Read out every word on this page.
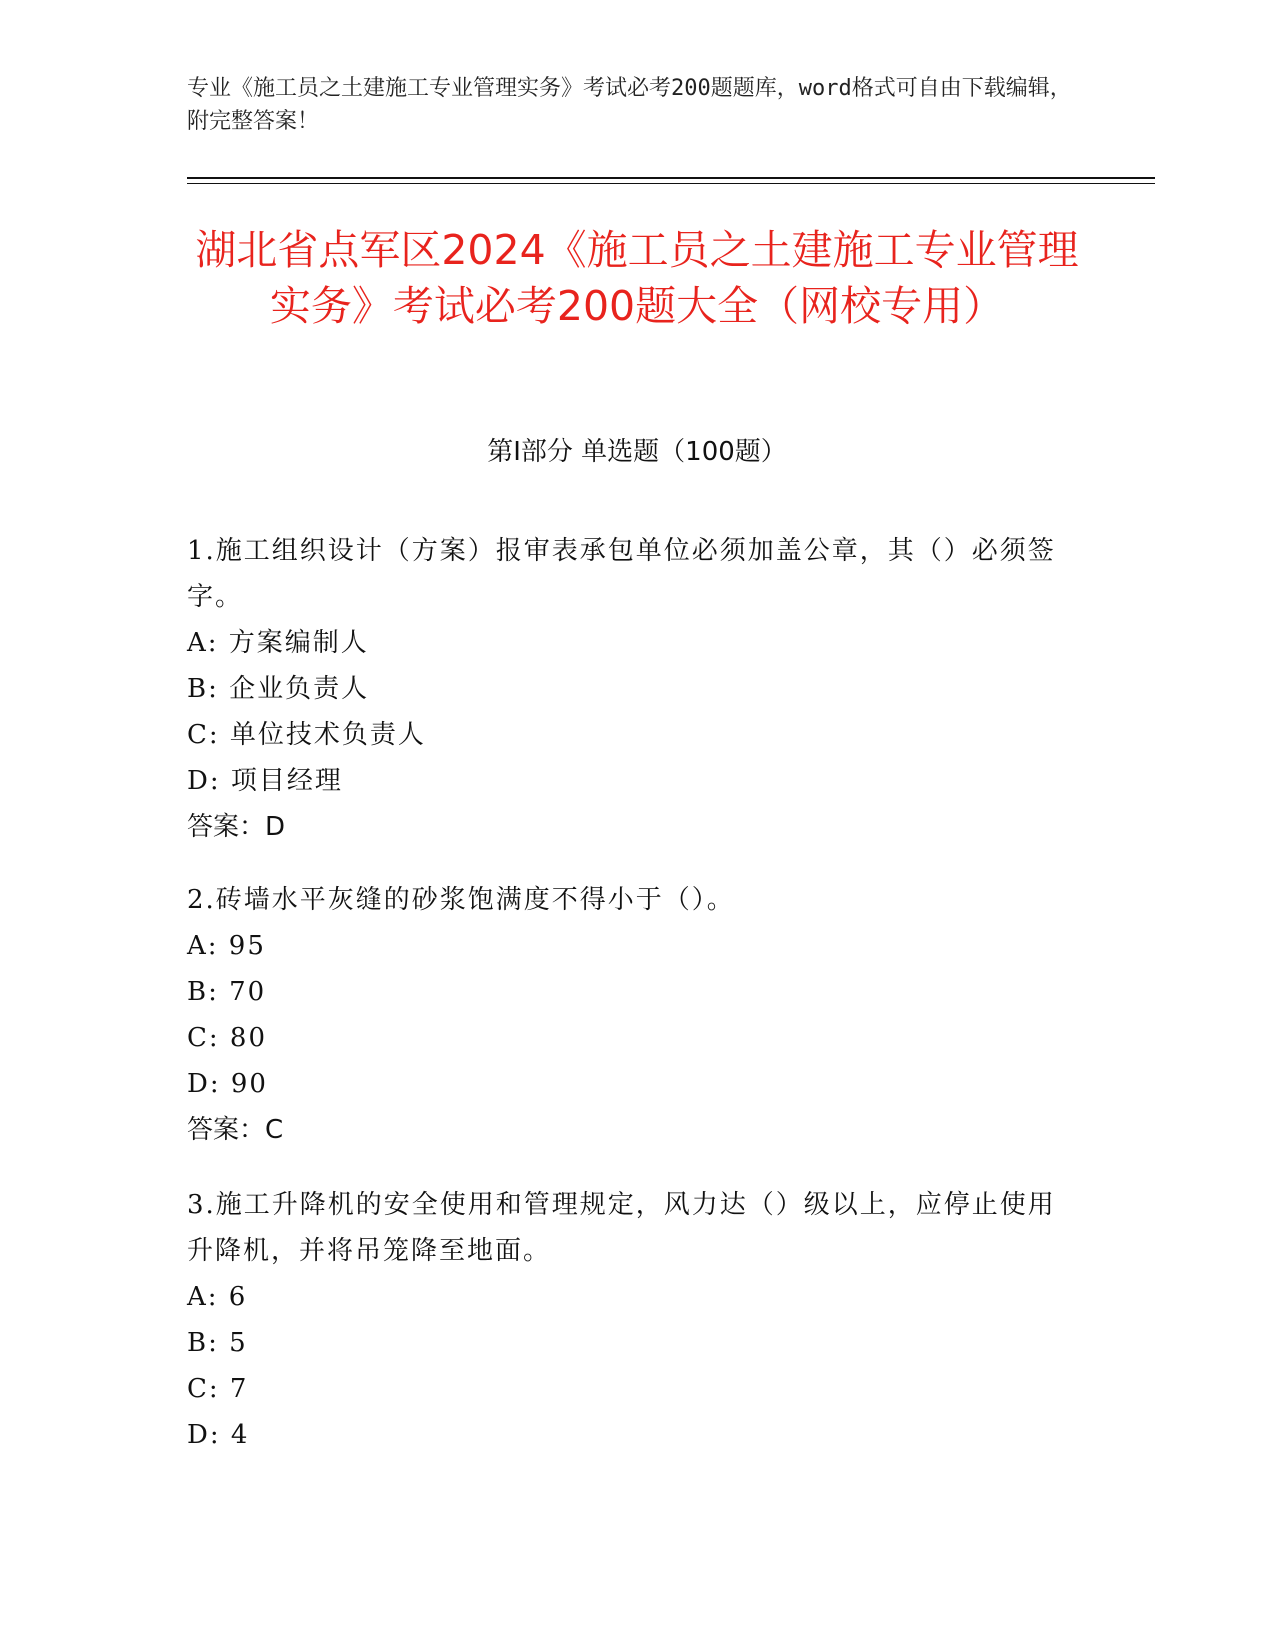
专业《施工员之土建施工专业管理实务》考试必考200题题库，word格式可自由下载编辑，附完整答案！
湖北省点军区2024《施工员之土建施工专业管理实务》考试必考200题大全（网校专用）
第I部分 单选题（100题）

1.施工组织设计（方案）报审表承包单位必须加盖公章，其（）必须签字。

A: 方案编制人

B: 企业负责人

C: 单位技术负责人

D: 项目经理

答案：D

2.砖墙水平灰缝的砂浆饱满度不得小于（）。

A: 95

B: 70

C: 80

D: 90

答案：C

3.施工升降机的安全使用和管理规定，风力达（）级以上，应停止使用升降机，并将吊笼降至地面。

A: 6

B: 5

C: 7

D: 4
